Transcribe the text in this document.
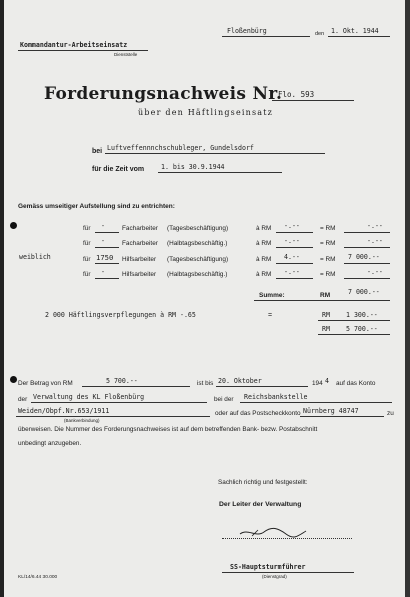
Floßenbürg	den 1. Okt. 1944
Kommandantur-Arbeitseinsatz
Dienststelle
Forderungsnachweis Nr.
Flo. 593
über den Häftlingseinsatz
bei Luftveffennnchschubleger, Gundelsdorf
für die Zeit vom	1. bis 30.9.1944
Gemäss umseitiger Aufstellung sind zu entrichten:
weiblich
für -	Facharbeiter (Tagesbeschäftigung)	à RM -.--	= RM	-.--
für -	Facharbeiter (Halbtagsbeschäftig.)	à RM -.--	= RM	-.--
für 1750 Hilfsarbeiter (Tagesbeschäftigung)	à RM 4.--	= RM 7 000.--
für -	Hilfsarbeiter (Halbtagsbeschäftig.)	à RM -.--	= RM	-.--
Summe:	RM	7 000.--
2 000 Häftlingsverpflegungen à RM -.65	=	RM 1 300.--
RM 5 700.--
Der Betrag von RM	5 700.--	ist bis 20. Oktober	194 4 auf das Konto
der Verwaltung des KL Floßenbürg	bei der Reichsbankstelle
Weiden/Obpf.Nr.653/1911
(Bankverbindung)
oder auf das Postscheckkonto Nürnberg 48747	zu
überweisen. Die Nummer des Forderungsnachweises ist auf dem betreffenden Bank- bezw. Postabschnitt
unbedingt anzugeben.
Sachlich richtig und festgestellt:
Der Leiter der Verwaltung
SS-Hauptsturmführer
(Dienstgrad)
KL/14/6.44 30.000
